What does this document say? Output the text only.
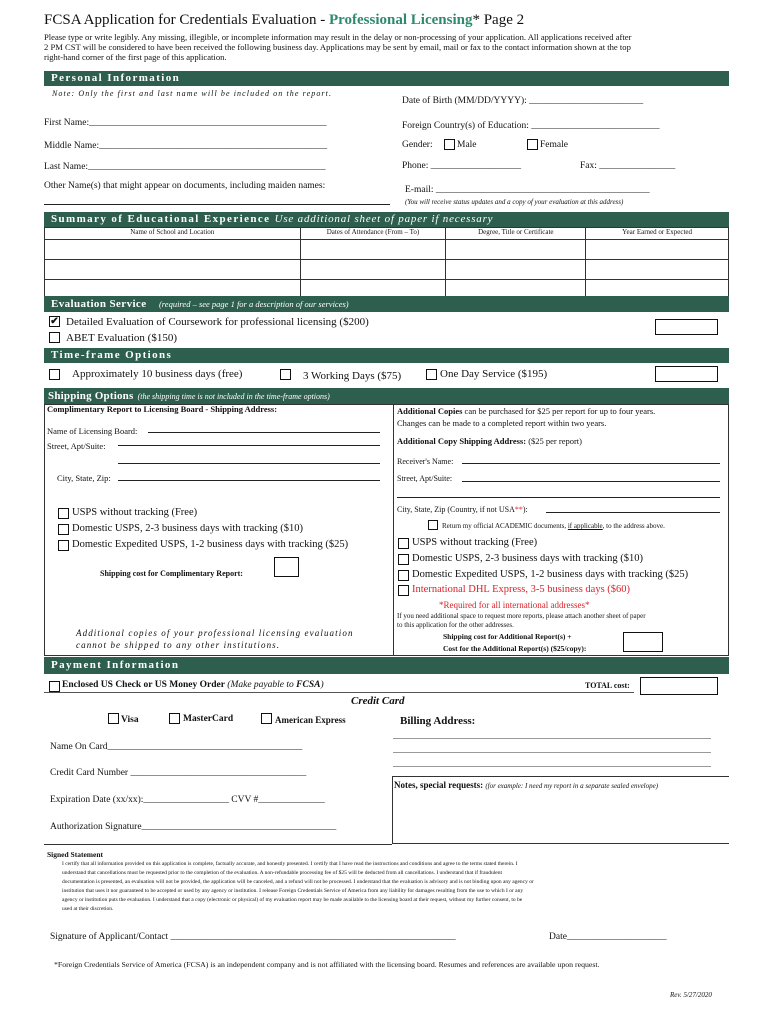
FCSA Application for Credentials Evaluation - Professional Licensing* Page 2
Please type or write legibly. Any missing, illegible, or incomplete information may result in the delay or non-processing of your application. All applications received after
2 PM CST will be considered to have been received the following business day. Applications may be sent by email, mail or fax to the contact information shown at the top
right-hand corner of the first page of this application.
Personal Information
Note: Only the first and last name will be included on the report.
Date of Birth (MM/DD/YYYY): ________________________
First Name:__________________________________________________	Foreign Country(s) of Education: ___________________________
Middle Name:________________________________________________	Gender:	Male	Female
Last Name:__________________________________________________	Phone: ___________________	Fax: ________________
Other Name(s) that might appear on documents, including maiden names:	E-mail: _____________________________________________
(You will receive status updates and a copy of your evaluation at this address)
Summary of Educational Experience Use additional sheet of paper if necessary
Name of School and Location	Dates of Attendance (From – To)	Degree, Title or Certificate	Year Earned or Expected

Evaluation Service (required – see page 1 for a description of our services)
✔ Detailed Evaluation of Coursework for professional licensing ($200)
ABET Evaluation ($150)
Time-frame Options
Approximately 10 business days (free)	3 Working Days ($75)	One Day Service ($195)
Shipping Options (the shipping time is not included in the time-frame options)
Complimentary Report to Licensing Board - Shipping Address:
Name of Licensing Board:
Street, Apt/Suite:
City, State, Zip:
USPS without tracking (Free)
Domestic USPS, 2-3 business days with tracking ($10)
Domestic Expedited USPS, 1-2 business days with tracking ($25)
Shipping cost for Complimentary Report:
Additional copies of your professional licensing evaluation
cannot be shipped to any other institutions.
Additional Copies can be purchased for $25 per report for up to four years.
Changes can be made to a completed report within two years.
Additional Copy Shipping Address: ($25 per report)
Receiver's Name:
Street, Apt/Suite:
City, State, Zip (Country, if not USA**):
Return my official ACADEMIC documents, if applicable, to the address above.
USPS without tracking (Free)
Domestic USPS, 2-3 business days with tracking ($10)
Domestic Expedited USPS, 1-2 business days with tracking ($25)
International DHL Express, 3-5 business days ($60)
*Required for all international addresses*
If you need additional space to request more reports, please attach another sheet of paper
to this application for the other addresses.
Shipping cost for Additional Report(s) +
Cost for the Additional Report(s) ($25/copy):
Payment Information
Enclosed US Check or US Money Order (Make payable to FCSA)	TOTAL cost:
Credit Card
Visa	MasterCard	American Express	Billing Address:
Name On Card_________________________________________
Credit Card Number _____________________________________
Notes, special requests: (for example: I need my report in a separate sealed envelope)
Expiration Date (xx/xx):__________________ CVV #______________
Authorization Signature_________________________________________
Signed Statement
I certify that all information provided on this application is complete, factually accurate, and honestly presented. I certify that I have read the instructions and conditions and agree to the terms stated therein. I
understand that cancellations must be requested prior to the completion of the evaluation. A non-refundable processing fee of $25 will be deducted from all cancellations. I understand that if fraudulent
documentation is presented, an evaluation will not be provided, the application will be canceled, and a refund will not be processed. I understand that the evaluation is advisory and is not binding upon any agency or
institution that uses it nor guaranteed to be accepted or used by any agency or institution. I release Foreign Credentials Service of America from any liability for damages resulting from the use to which I or any
agency or institution puts the evaluation. I understand that a copy (electronic or physical) of my evaluation report may be made available to the licensing board at their request, without my further consent, to be
used at their discretion.
Signature of Applicant/Contact ____________________________________________________________	Date_____________________
*Foreign Credentials Service of America (FCSA) is an independent company and is not affiliated with the licensing board. Resumes and references are available upon request.
Rev. 5/27/2020
